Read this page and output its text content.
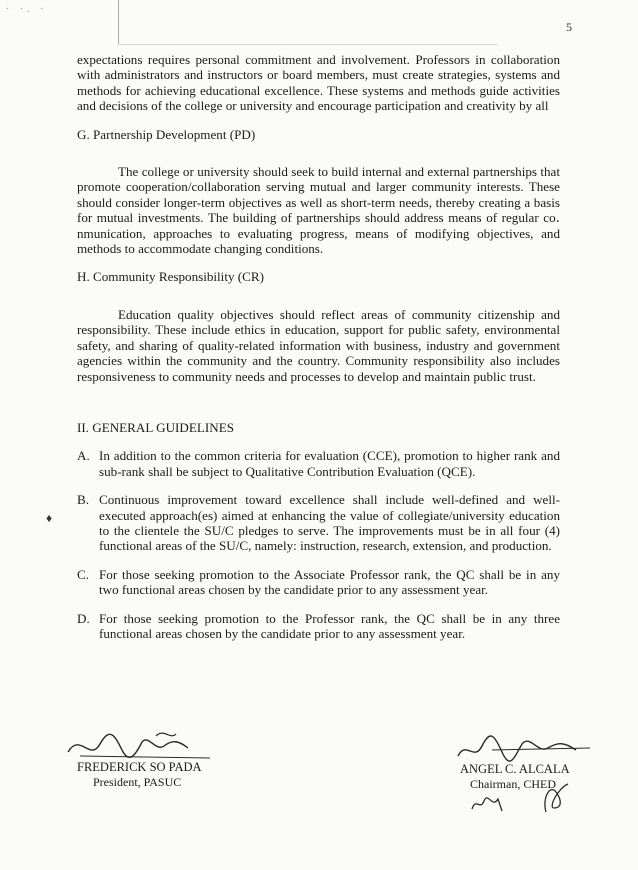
· ·. ·
5

expectations requires personal commitment and involvement. Professors in collaboration with administrators and instructors or board members, must create strategies, systems and methods for achieving educational excellence. These systems and methods guide activities and decisions of the college or university and encourage participation and creativity by all

G. Partnership Development (PD)

The college or university should seek to build internal and external partnerships that promote cooperation/collaboration serving mutual and larger community interests. These should consider longer-term objectives as well as short-term needs, thereby creating a basis for mutual investments. The building of partnerships should address means of regular co․nmunication, approaches to evaluating progress, means of modifying objectives, and methods to accommodate changing conditions.

H. Community Responsibility (CR)

Education quality objectives should reflect areas of community citizenship and responsibility. These include ethics in education, support for public safety, environmental safety, and sharing of quality-related information with business, industry and government agencies within the community and the country. Community responsibility also includes responsiveness to community needs and processes to develop and maintain public trust.

II. GENERAL GUIDELINES

A. In addition to the common criteria for evaluation (CCE), promotion to higher rank and sub-rank shall be subject to Qualitative Contribution Evaluation (QCE).
B. Continuous improvement toward excellence shall include well-defined and well-executed approach(es) aimed at enhancing the value of collegiate/university education to the clientele the SU/C pledges to serve. The improvements must be in all four (4) functional areas of the SU/C, namely: instruction, research, extension, and production.
C. For those seeking promotion to the Associate Professor rank, the QC shall be in any two functional areas chosen by the candidate prior to any assessment year.
D. For those seeking promotion to the Professor rank, the QC shall be in any three functional areas chosen by the candidate prior to any assessment year.
♦

FREDERICK SO PADA

President, PASUC

ANGEL C. ALCALA

Chairman, CHED
